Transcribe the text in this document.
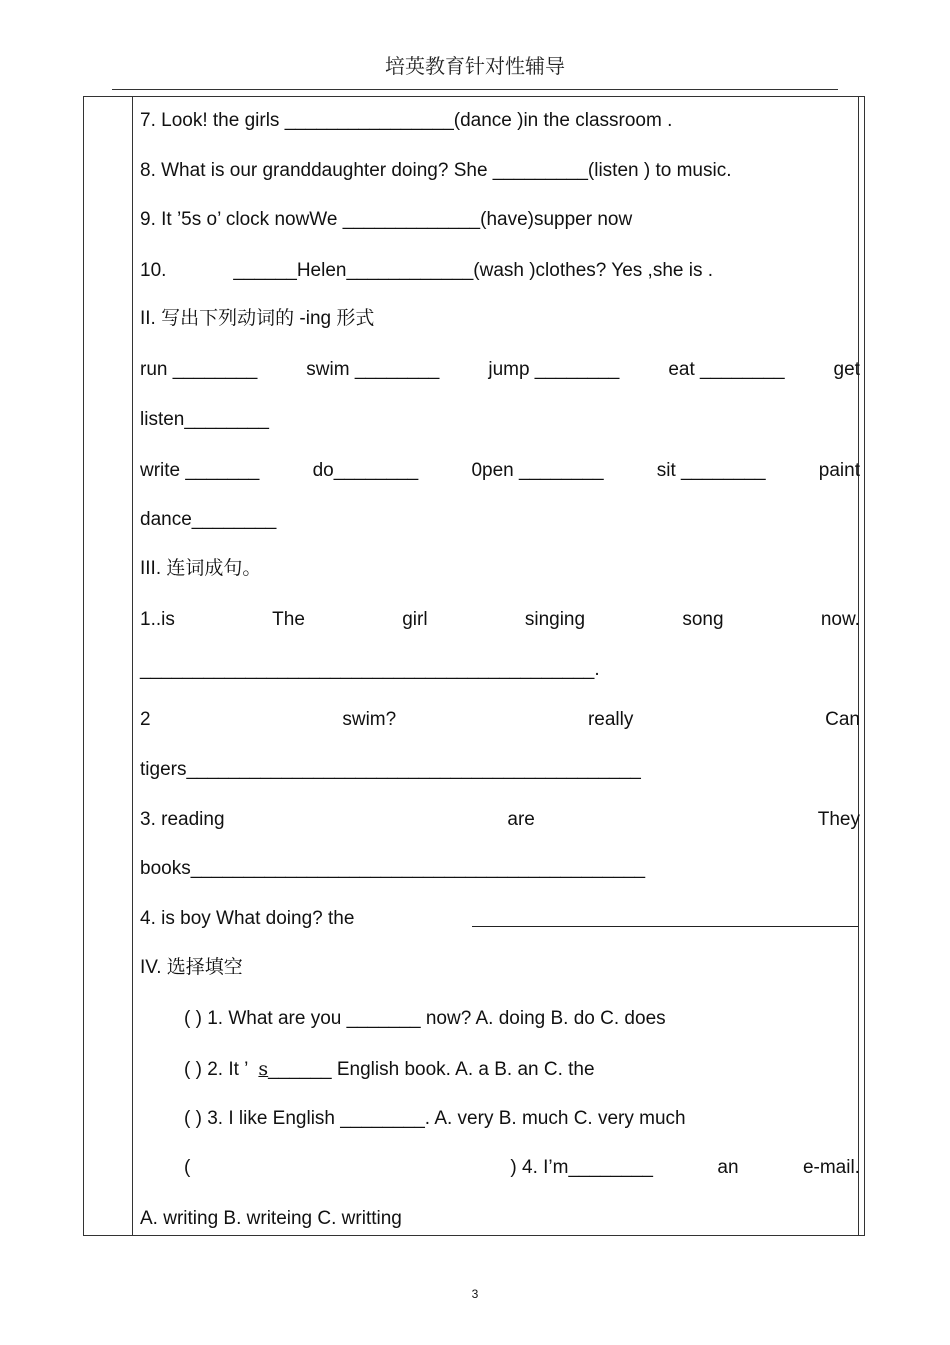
培英教育针对性辅导
7. Look! the girls ________________(dance )in the classroom .
8. What is our granddaughter doing? She _________(listen ) to music.
9. It ’5s o’ clock nowWe _____________(have)supper now
10.	______Helen____________(wash )clothes? Yes ,she is .
II. 写出下列动词的 -ing 形式
run ________	swim ________	jump ________	eat ________	get
listen________
write _______	do________	0pen ________	sit ________	paint
dance________
III. 连词成句。
1..is	The	girl	singing	song	now.
___________________________________________.
2	swim?	really	Can
tigers___________________________________________
3. reading	are	They
books___________________________________________
4. is boy What doing? the
IV. 选择填空
( ) 1. What are you _______ now? A. doing B. do C. does
( ) 2. It ’ s______ English book. A. a B. an C. the
( ) 3. I like English ________. A. very B. much C. very much
(	) 4. I’m________	an	e-mail.
A. writing B. writeing C. writting
3
